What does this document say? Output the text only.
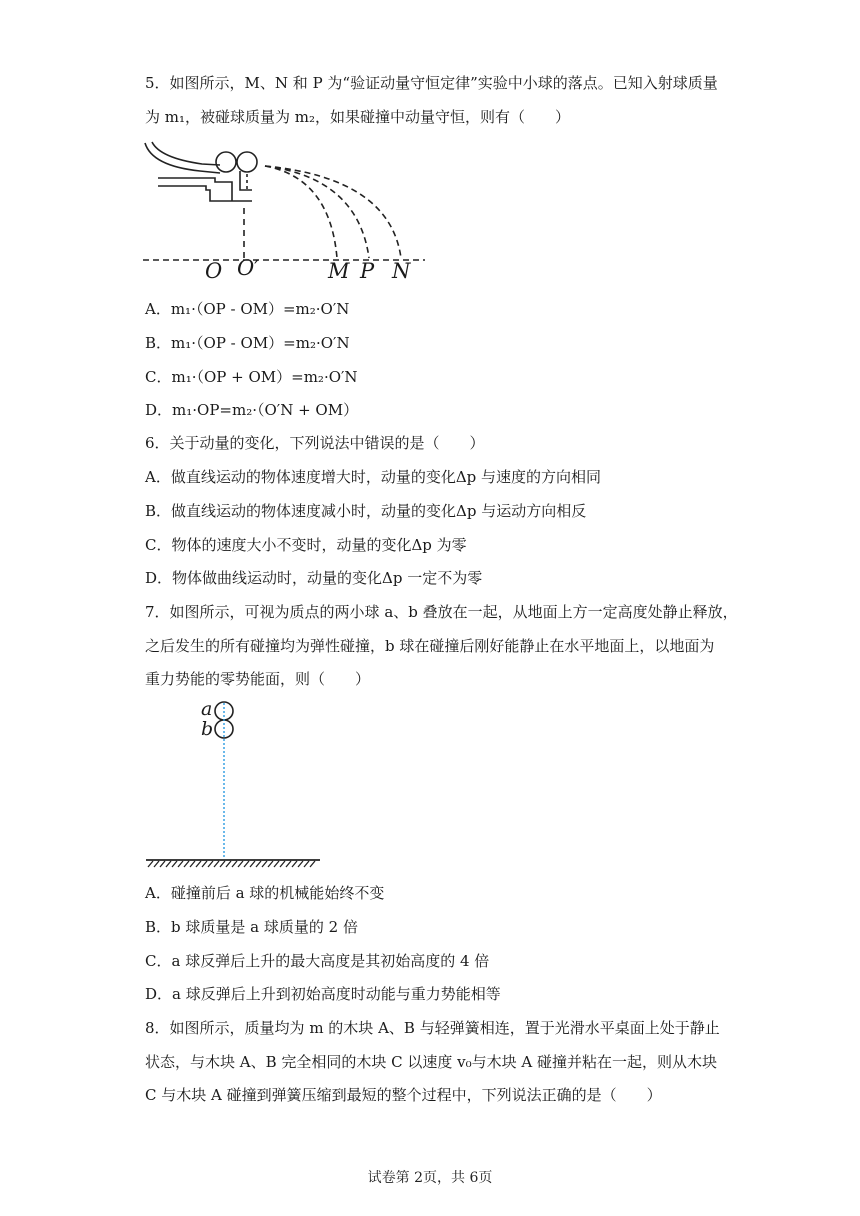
5．如图所示，M、N 和 P 为“验证动量守恒定律”实验中小球的落点。已知入射球质量
为 m₁，被碰球质量为 m₂，如果碰撞中动量守恒，则有（　　）
O O′	M P N
A．m₁·（OP - OM）=m₂·O′N
B．m₁·（OP - OM）=m₂·O′N
C．m₁·（OP + OM）=m₂·O′N
D．m₁·OP=m₂·（O′N + OM）
6．关于动量的变化，下列说法中错误的是（　　）
A．做直线运动的物体速度增大时，动量的变化Δp 与速度的方向相同
B．做直线运动的物体速度减小时，动量的变化Δp 与运动方向相反
C．物体的速度大小不变时，动量的变化Δp 为零
D．物体做曲线运动时，动量的变化Δp 一定不为零
7．如图所示，可视为质点的两小球 a、b 叠放在一起，从地面上方一定高度处静止释放，
之后发生的所有碰撞均为弹性碰撞，b 球在碰撞后刚好能静止在水平地面上，以地面为
重力势能的零势能面，则（　　）
a
b
A．碰撞前后 a 球的机械能始终不变
B．b 球质量是 a 球质量的 2 倍
C．a 球反弹后上升的最大高度是其初始高度的 4 倍
D．a 球反弹后上升到初始高度时动能与重力势能相等
8．如图所示，质量均为 m 的木块 A、B 与轻弹簧相连，置于光滑水平桌面上处于静止
状态，与木块 A、B 完全相同的木块 C 以速度 v₀与木块 A 碰撞并粘在一起，则从木块
C 与木块 A 碰撞到弹簧压缩到最短的整个过程中，下列说法正确的是（　　）
试卷第 2页，共 6页
